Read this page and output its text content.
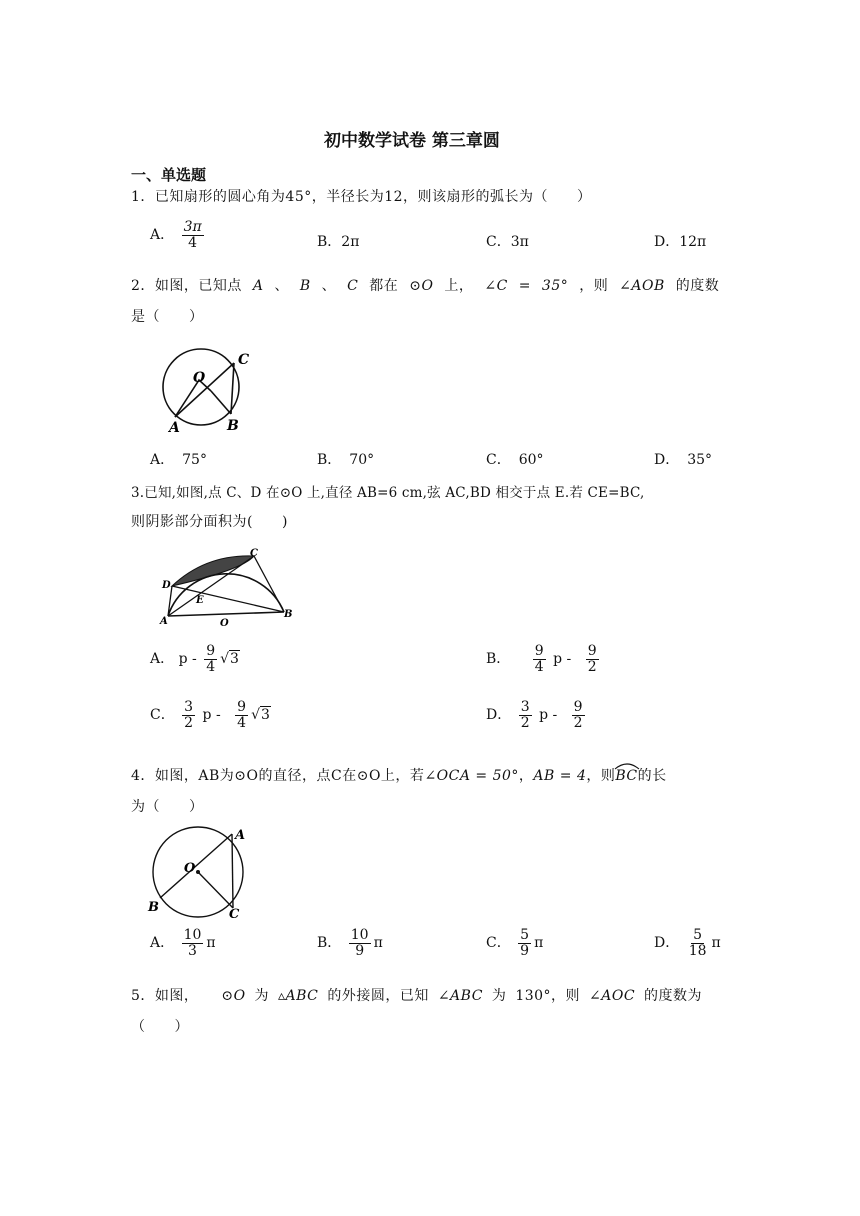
初中数学试卷 第三章圆
一、单选题
1．已知扇形的圆心角为45°，半径长为12，则该扇形的弧长为（　　）
A． $\frac{3\pi}{4}$	B．2π	C．3π	D．12π
2．如图，已知点 A 、 B 、 C 都在 ⊙O 上， ∠C = 35° ，则 ∠AOB 的度数
是（　　）
O
A	B
C
A． 75°	B． 70°	C． 60°	D． 35°
3.已知,如图,点 C、D 在⊙O 上,直径 AB=6 cm,弦 AC,BD 相交于点 E.若 CE=BC,
则阴影部分面积为(　　)
C
D
E
A	O
B
A． p - $\frac{9}{4} √3$	B． $\frac{9}{4}$ p - $\frac{9}{2}$
C． $\frac{3}{2}$ p - $\frac{9}{4} √3$	D． $\frac{3}{2}$ p - $\frac{9}{2}$
4．如图，AB为⊙O的直径，点C在⊙O上，若∠OCA = 50°，AB = 4，则
BC的长
为（　　）
O
A
B	C
A． $\frac{10}{3}$ π	B． $\frac{10}{9}$ π	C． $\frac{5}{9}$ π	D． $\frac{5}{18}$ π
5．如图， ⊙O 为 ▵ABC 的外接圆，已知 ∠ABC 为 130°，则 ∠AOC 的度数为
（　　）
